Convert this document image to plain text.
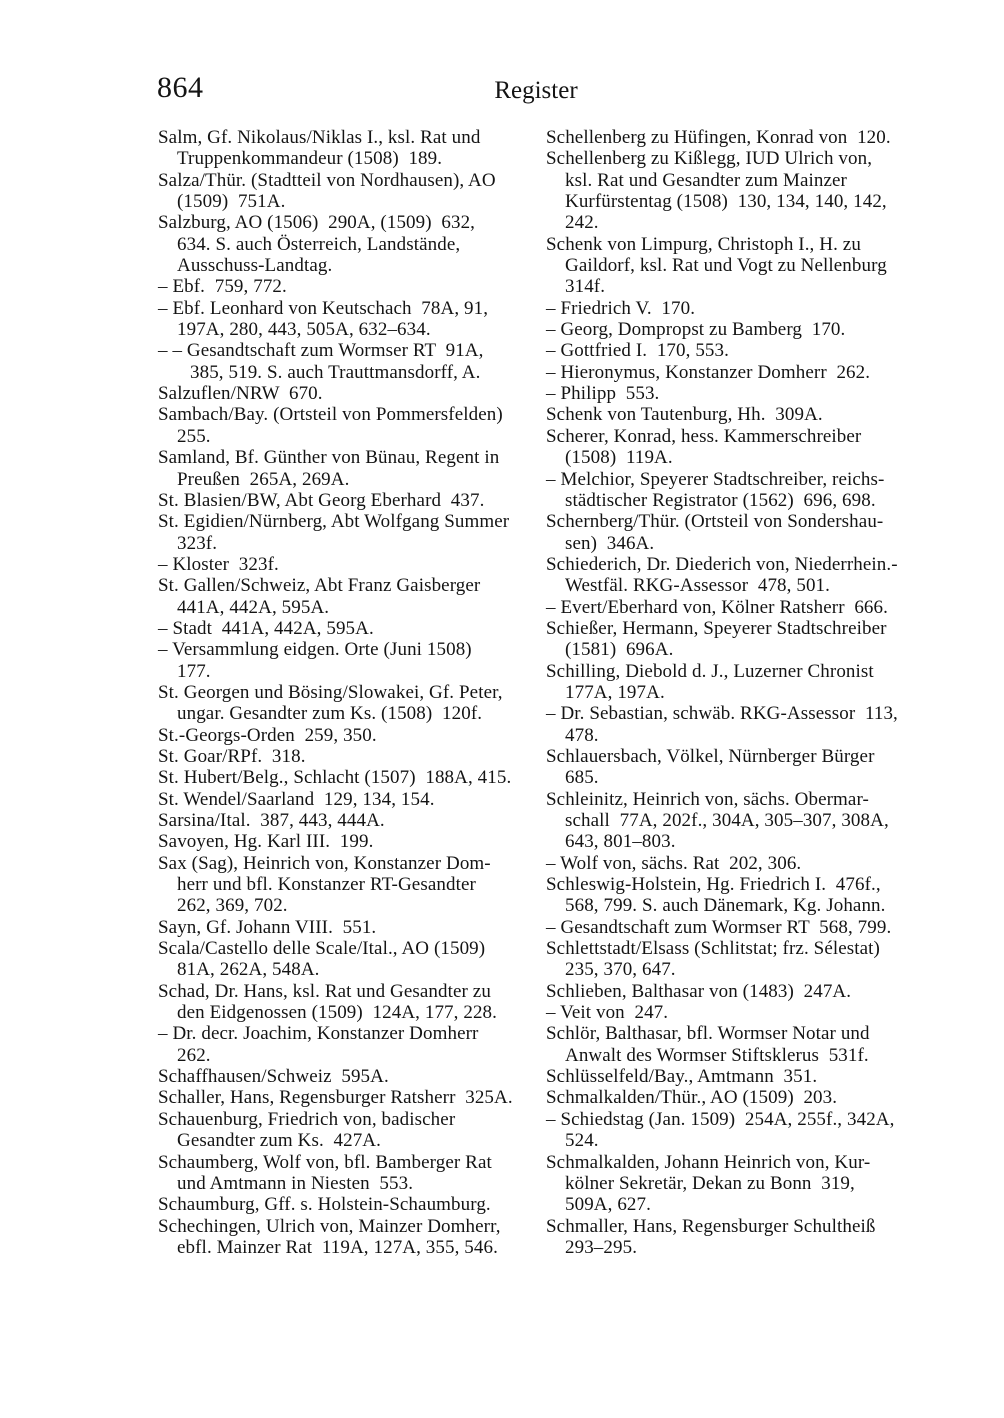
864	Register
Salm, Gf. Nikolaus/Niklas I., ksl. Rat und
Truppenkommandeur (1508)  189.
Salza/Thür. (Stadtteil von Nordhausen), AO
(1509)  751A.
Salzburg, AO (1506)  290A, (1509)  632,
634. S. auch Österreich, Landstände,
Ausschuss-Landtag.
– Ebf.  759, 772.
– Ebf. Leonhard von Keutschach  78A, 91,
197A, 280, 443, 505A, 632–634.
– – Gesandtschaft zum Wormser RT  91A,
385, 519. S. auch Trauttmansdorff, A.
Salzuflen/NRW  670.
Sambach/Bay. (Ortsteil von Pommersfelden)
255.
Samland, Bf. Günther von Bünau, Regent in
Preußen  265A, 269A.
St. Blasien/BW, Abt Georg Eberhard  437.
St. Egidien/Nürnberg, Abt Wolfgang Summer
323f.
– Kloster  323f.
St. Gallen/Schweiz, Abt Franz Gaisberger
441A, 442A, 595A.
– Stadt  441A, 442A, 595A.
– Versammlung eidgen. Orte (Juni 1508)
177.
St. Georgen und Bösing/Slowakei, Gf. Peter,
ungar. Gesandter zum Ks. (1508)  120f.
St.-Georgs-Orden  259, 350.
St. Goar/RPf.  318.
St. Hubert/Belg., Schlacht (1507)  188A, 415.
St. Wendel/Saarland  129, 134, 154.
Sarsina/Ital.  387, 443, 444A.
Savoyen, Hg. Karl III.  199.
Sax (Sag), Heinrich von, Konstanzer Dom-
herr und bfl. Konstanzer RT-Gesandter
262, 369, 702.
Sayn, Gf. Johann VIII.  551.
Scala/Castello delle Scale/Ital., AO (1509)
81A, 262A, 548A.
Schad, Dr. Hans, ksl. Rat und Gesandter zu
den Eidgenossen (1509)  124A, 177, 228.
– Dr. decr. Joachim, Konstanzer Domherr
262.
Schaffhausen/Schweiz  595A.
Schaller, Hans, Regensburger Ratsherr  325A.
Schauenburg, Friedrich von, badischer
Gesandter zum Ks.  427A.
Schaumberg, Wolf von, bfl. Bamberger Rat
und Amtmann in Niesten  553.
Schaumburg, Gff. s. Holstein-Schaumburg.
Schechingen, Ulrich von, Mainzer Domherr,
ebfl. Mainzer Rat  119A, 127A, 355, 546.
Schellenberg zu Hüfingen, Konrad von  120.
Schellenberg zu Kißlegg, IUD Ulrich von,
ksl. Rat und Gesandter zum Mainzer
Kurfürstentag (1508)  130, 134, 140, 142,
242.
Schenk von Limpurg, Christoph I., H. zu
Gaildorf, ksl. Rat und Vogt zu Nellenburg
314f.
– Friedrich V.  170.
– Georg, Dompropst zu Bamberg  170.
– Gottfried I.  170, 553.
– Hieronymus, Konstanzer Domherr  262.
– Philipp  553.
Schenk von Tautenburg, Hh.  309A.
Scherer, Konrad, hess. Kammerschreiber
(1508)  119A.
– Melchior, Speyerer Stadtschreiber, reichs-
städtischer Registrator (1562)  696, 698.
Schernberg/Thür. (Ortsteil von Sondershau-
sen)  346A.
Schiederich, Dr. Diederich von, Niederrhein.-
Westfäl. RKG-Assessor  478, 501.
– Evert/Eberhard von, Kölner Ratsherr  666.
Schießer, Hermann, Speyerer Stadtschreiber
(1581)  696A.
Schilling, Diebold d. J., Luzerner Chronist
177A, 197A.
– Dr. Sebastian, schwäb. RKG-Assessor  113,
478.
Schlauersbach, Völkel, Nürnberger Bürger
685.
Schleinitz, Heinrich von, sächs. Obermar-
schall  77A, 202f., 304A, 305–307, 308A,
643, 801–803.
– Wolf von, sächs. Rat  202, 306.
Schleswig-Holstein, Hg. Friedrich I.  476f.,
568, 799. S. auch Dänemark, Kg. Johann.
– Gesandtschaft zum Wormser RT  568, 799.
Schlettstadt/Elsass (Schlitstat; frz. Sélestat)
235, 370, 647.
Schlieben, Balthasar von (1483)  247A.
– Veit von  247.
Schlör, Balthasar, bfl. Wormser Notar und
Anwalt des Wormser Stiftsklerus  531f.
Schlüsselfeld/Bay., Amtmann  351.
Schmalkalden/Thür., AO (1509)  203.
– Schiedstag (Jan. 1509)  254A, 255f., 342A,
524.
Schmalkalden, Johann Heinrich von, Kur-
kölner Sekretär, Dekan zu Bonn  319,
509A, 627.
Schmaller, Hans, Regensburger Schultheiß
293–295.
